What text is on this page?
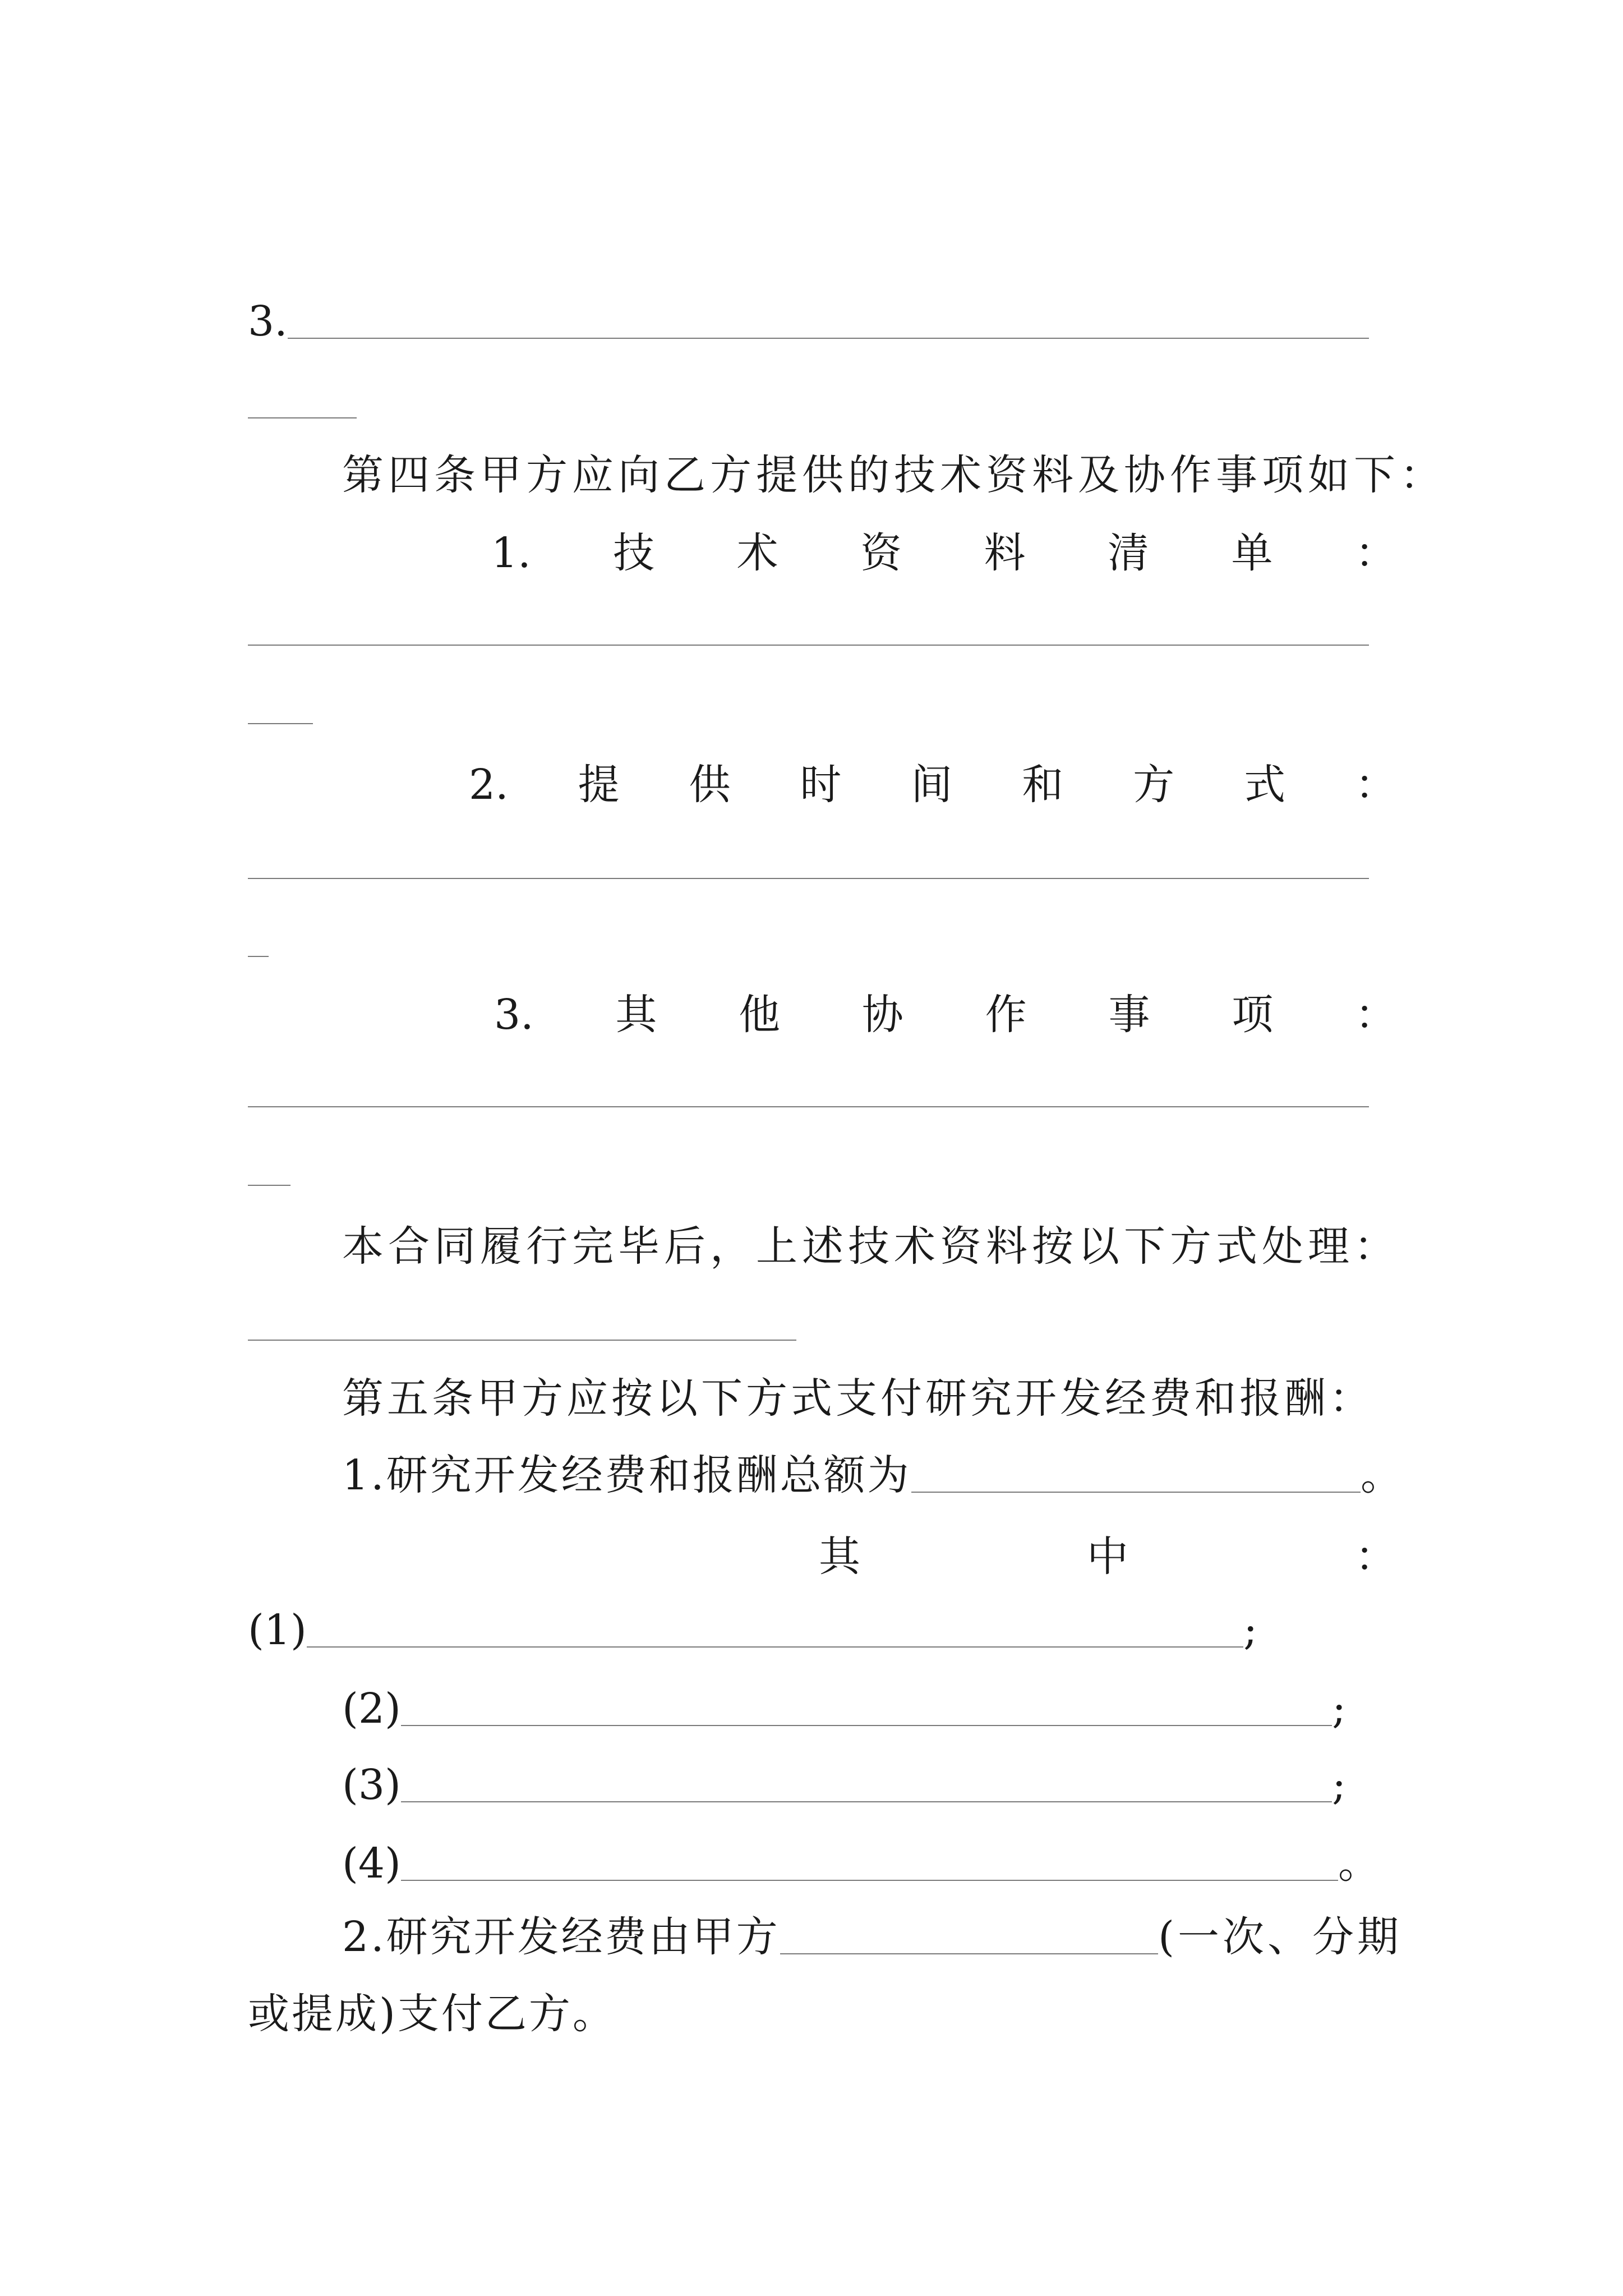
3.
第四条甲方应向乙方提供的技术资料及协作事项如下：
1. 技 术 资 料 清 单 ：
2. 提 供 时 间 和 方 式 ：
3. 其 他 协 作 事 项 ：
本合同履行完毕后，上述技术资料按以下方式处理：
第五条甲方应按以下方式支付研究开发经费和报酬：
1.研究开发经费和报酬总额为	。
其	中	：
(1)	;
(2)	;
(3)	;
(4)	。
2.研究开发经费由甲方	(一次、分期
或提成)支付乙方。
